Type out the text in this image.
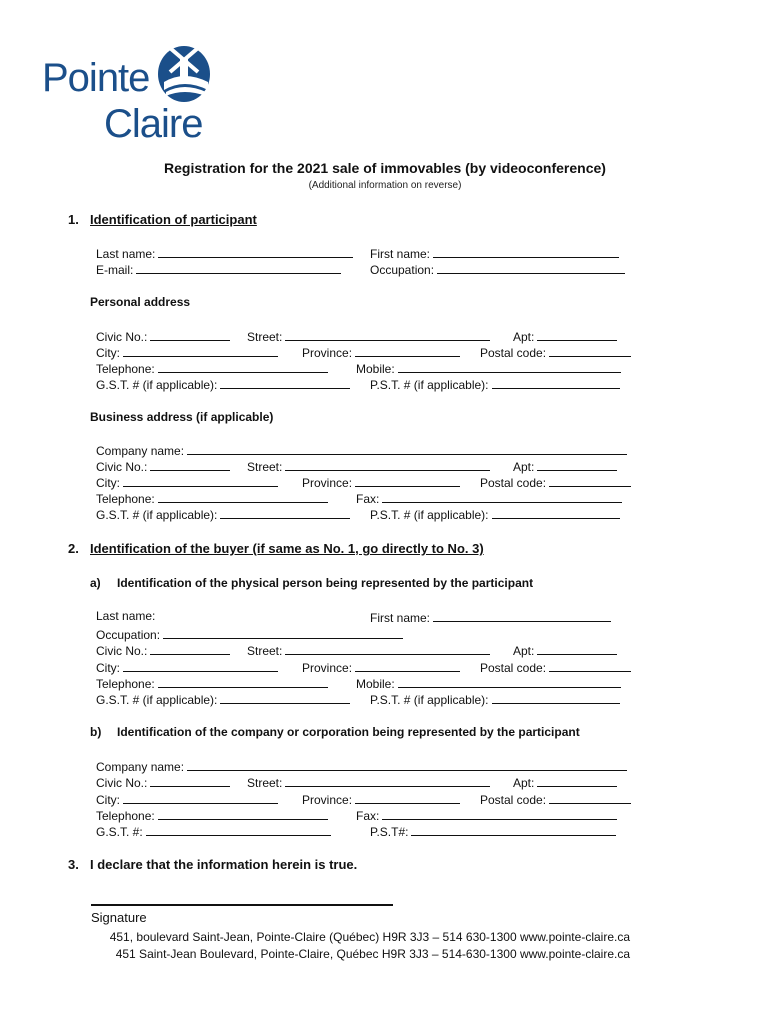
Pointe
Claire
Registration for the 2021 sale of immovables (by videoconference)
(Additional information on reverse)
1. Identification of participant
Last name:	First name:
E-mail:	Occupation:
Personal address
Civic No.:	Street:	Apt:
City:	Province:	Postal code:
Telephone:	Mobile:
G.S.T. # (if applicable):	P.S.T. # (if applicable):
Business address (if applicable)
Company name:
Civic No.:	Street:	Apt:
City:	Province:	Postal code:
Telephone:	Fax:
G.S.T. # (if applicable):	P.S.T. # (if applicable):
2. Identification of the buyer (if same as No. 1, go directly to No. 3)
a) Identification of the physical person being represented by the participant
Last name:	First name:
Occupation:
Civic No.:	Street:	Apt:
City:	Province:	Postal code:
Telephone:	Mobile:
G.S.T. # (if applicable):	P.S.T. # (if applicable):
b) Identification of the company or corporation being represented by the participant
Company name:
Civic No.:	Street:	Apt:
City:	Province:	Postal code:
Telephone:	Fax:
G.S.T. #:	P.S.T#:
3. I declare that the information herein is true.
Signature
451, boulevard Saint-Jean, Pointe-Claire (Québec) H9R 3J3 – 514 630-1300 www.pointe-claire.ca
451 Saint-Jean Boulevard, Pointe-Claire, Québec H9R 3J3 – 514-630-1300 www.pointe-claire.ca
